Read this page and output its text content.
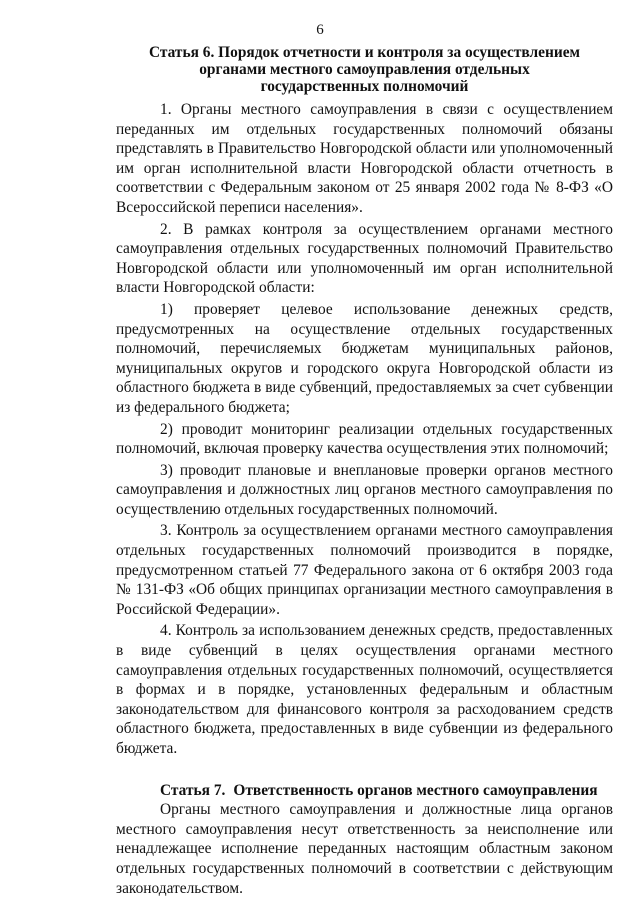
6
Статья 6. Порядок отчетности и контроля за осуществлением
органами местного самоуправления отдельных
государственных полномочий

1. Органы местного самоуправления в связи с осуществлением переданных им отдельных государственных полномочий обязаны представлять в Правительство Новгородской области или уполномоченный им орган исполнительной власти Новгородской области отчетность в соответствии с Федеральным законом от 25 января 2002 года № 8-ФЗ «О Всероссийской переписи населения».

2. В рамках контроля за осуществлением органами местного самоуправления отдельных государственных полномочий Правительство Новгородской области или уполномоченный им орган исполнительной власти Новгородской области:

1) проверяет целевое использование денежных средств, предусмотренных на осуществление отдельных государственных полномочий, перечисляемых бюджетам муниципальных районов, муниципальных округов и городского округа Новгородской области из областного бюджета в виде субвенций, предоставляемых за счет субвенции из федерального бюджета;

2) проводит мониторинг реализации отдельных государственных полномочий, включая проверку качества осуществления этих полномочий;

3) проводит плановые и внеплановые проверки органов местного самоуправления и должностных лиц органов местного самоуправления по осуществлению отдельных государственных полномочий.

3. Контроль за осуществлением органами местного самоуправления отдельных государственных полномочий производится в порядке, предусмотренном статьей 77 Федерального закона от 6 октября 2003 года № 131-ФЗ «Об общих принципах организации местного самоуправления в Российской Федерации».

4. Контроль за использованием денежных средств, предоставленных в виде субвенций в целях осуществления органами местного самоуправления отдельных государственных полномочий, осуществляется в формах и в порядке, установленных федеральным и областным законодательством для финансового контроля за расходованием средств областного бюджета, предоставленных в виде субвенции из федерального бюджета.

Статья 7. Ответственность органов местного самоуправления

Органы местного самоуправления и должностные лица органов местного самоуправления несут ответственность за неисполнение или ненадлежащее исполнение переданных настоящим областным законом отдельных государственных полномочий в соответствии с действующим законодательством.
